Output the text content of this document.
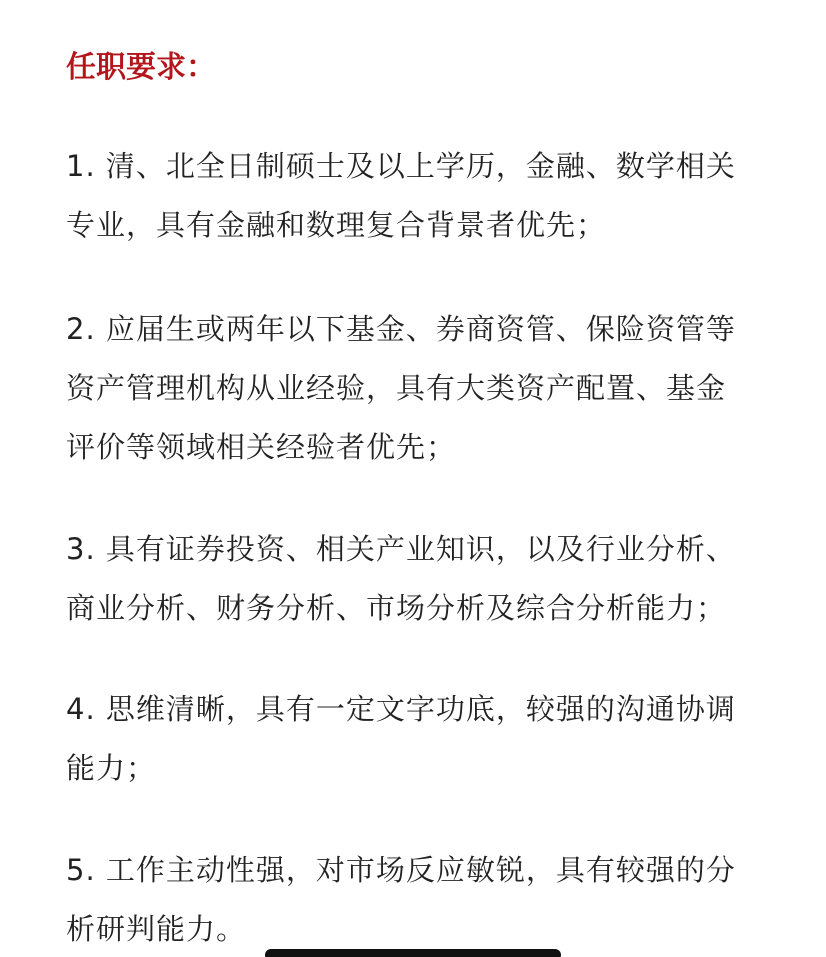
任职要求：

1. 清、北全日制硕士及以上学历，金融、数学相关
专业，具有金融和数理复合背景者优先；

2. 应届生或两年以下基金、券商资管、保险资管等
资产管理机构从业经验，具有大类资产配置、基金
评价等领域相关经验者优先；

3. 具有证券投资、相关产业知识，以及行业分析、
商业分析、财务分析、市场分析及综合分析能力；

4. 思维清晰，具有一定文字功底，较强的沟通协调
能力；

5. 工作主动性强，对市场反应敏锐，具有较强的分
析研判能力。
